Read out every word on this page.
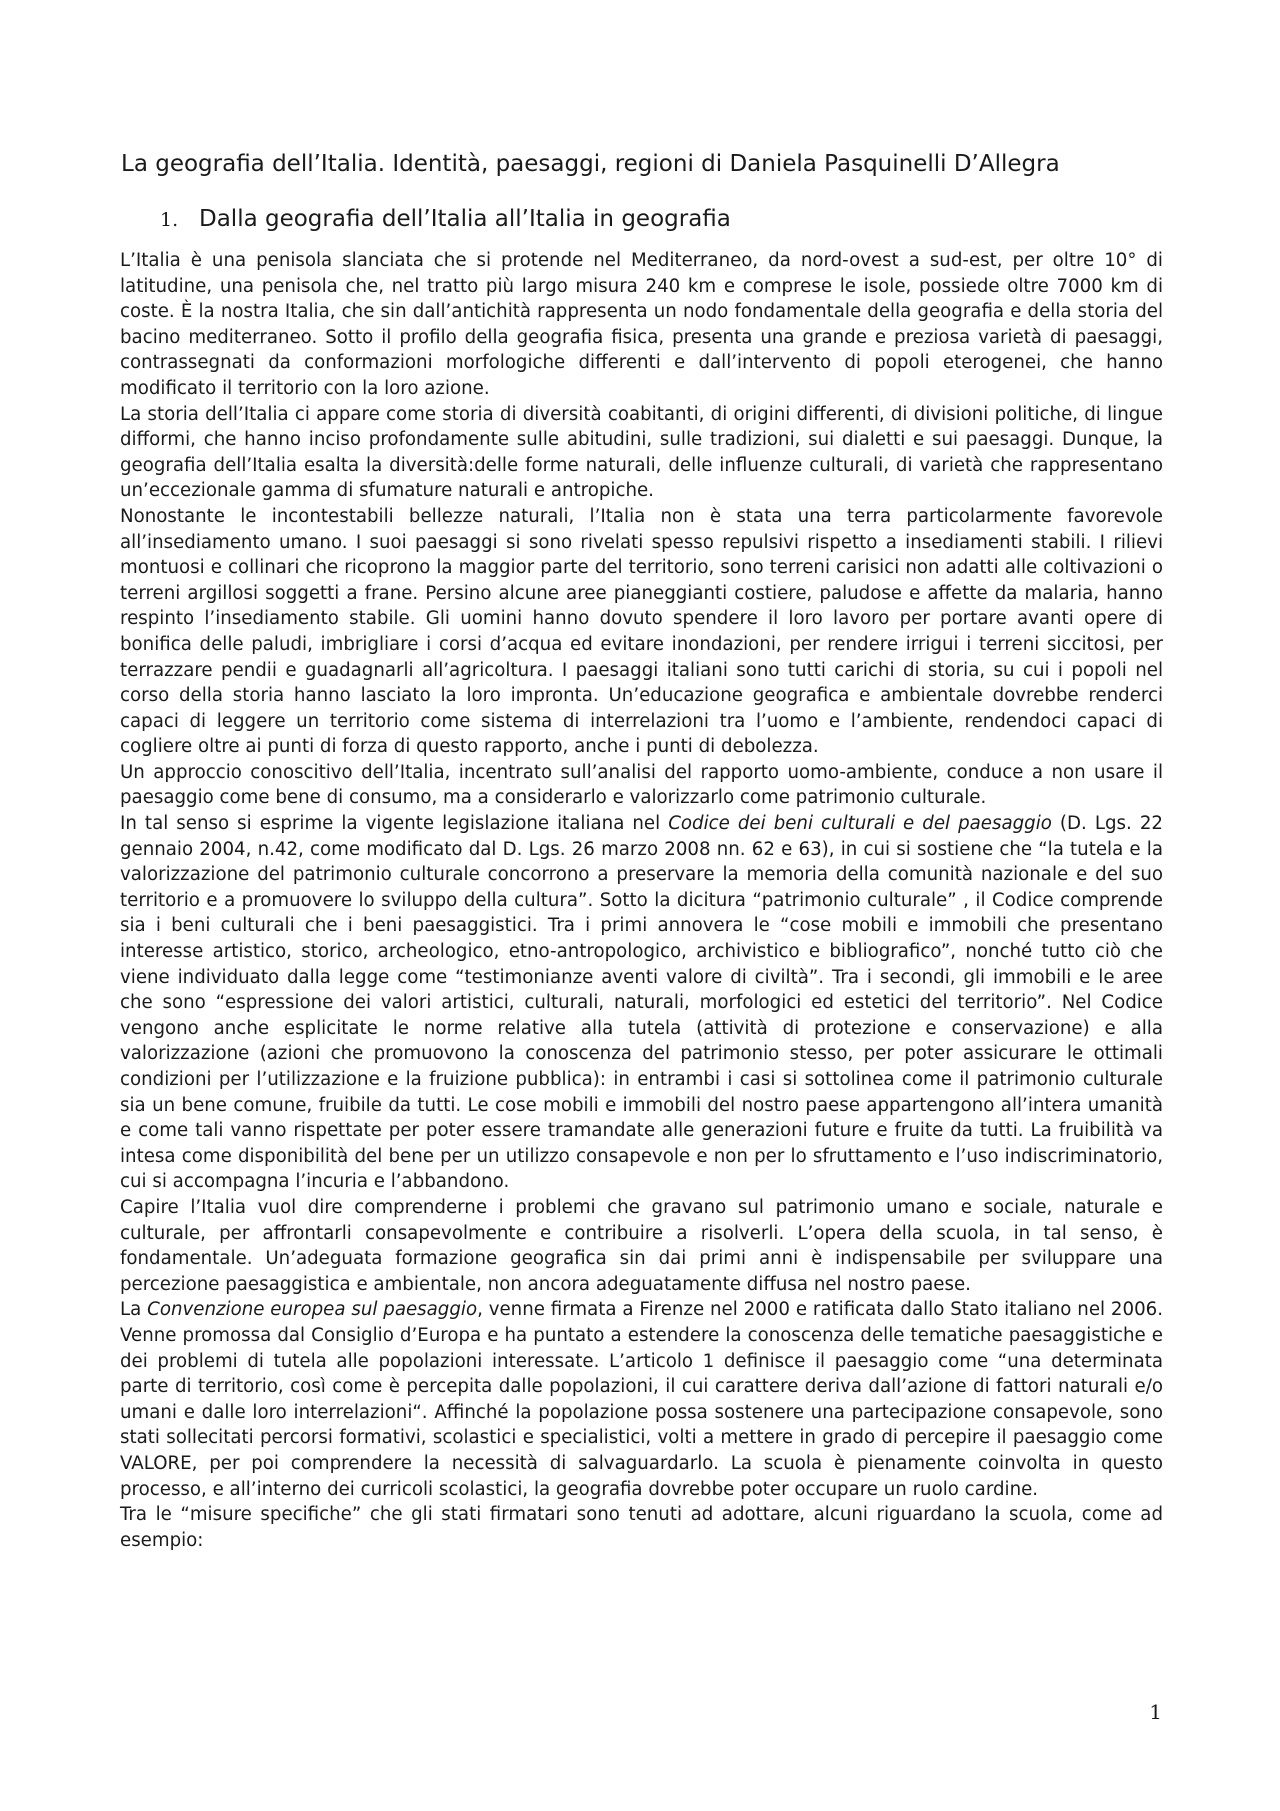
La geografia dell’Italia. Identità, paesaggi, regioni di Daniela Pasquinelli D’Allegra
1. Dalla geografia dell’Italia all’Italia in geografia

L’Italia è una penisola slanciata che si protende nel Mediterraneo, da nord-ovest a sud-est, per oltre 10° di latitudine, una penisola che, nel tratto più largo misura 240 km e comprese le isole, possiede oltre 7000 km di coste. È la nostra Italia, che sin dall’antichità rappresenta un nodo fondamentale della geografia e della storia del bacino mediterraneo. Sotto il profilo della geografia fisica, presenta una grande e preziosa varietà di paesaggi, contrassegnati da conformazioni morfologiche differenti e dall’intervento di popoli eterogenei, che hanno modificato il territorio con la loro azione.

La storia dell’Italia ci appare come storia di diversità coabitanti, di origini differenti, di divisioni politiche, di lingue difformi, che hanno inciso profondamente sulle abitudini, sulle tradizioni, sui dialetti e sui paesaggi. Dunque, la geografia dell’Italia esalta la diversità:delle forme naturali, delle influenze culturali, di varietà che rappresentano un’eccezionale gamma di sfumature naturali e antropiche.

Nonostante le incontestabili bellezze naturali, l’Italia non è stata una terra particolarmente favorevole all’insediamento umano. I suoi paesaggi si sono rivelati spesso repulsivi rispetto a insediamenti stabili. I rilievi montuosi e collinari che ricoprono la maggior parte del territorio, sono terreni carisici non adatti alle coltivazioni o terreni argillosi soggetti a frane. Persino alcune aree pianeggianti costiere, paludose e affette da malaria, hanno respinto l’insediamento stabile. Gli uomini hanno dovuto spendere il loro lavoro per portare avanti opere di bonifica delle paludi, imbrigliare i corsi d’acqua ed evitare inondazioni, per rendere irrigui i terreni siccitosi, per terrazzare pendii e guadagnarli all’agricoltura. I paesaggi italiani sono tutti carichi di storia, su cui i popoli nel corso della storia hanno lasciato la loro impronta. Un’educazione geografica e ambientale dovrebbe renderci capaci di leggere un territorio come sistema di interrelazioni tra l’uomo e l’ambiente, rendendoci capaci di cogliere oltre ai punti di forza di questo rapporto, anche i punti di debolezza.

Un approccio conoscitivo dell’Italia, incentrato sull’analisi del rapporto uomo-ambiente, conduce a non usare il paesaggio come bene di consumo, ma a considerarlo e valorizzarlo come patrimonio culturale.

In tal senso si esprime la vigente legislazione italiana nel Codice dei beni culturali e del paesaggio (D. Lgs. 22 gennaio 2004, n.42, come modificato dal D. Lgs. 26 marzo 2008 nn. 62 e 63), in cui si sostiene che “la tutela e la valorizzazione del patrimonio culturale concorrono a preservare la memoria della comunità nazionale e del suo territorio e a promuovere lo sviluppo della cultura”. Sotto la dicitura “patrimonio culturale” , il Codice comprende sia i beni culturali che i beni paesaggistici. Tra i primi annovera le “cose mobili e immobili che presentano interesse artistico, storico, archeologico, etno-antropologico, archivistico e bibliografico”, nonché tutto ciò che viene individuato dalla legge come “testimonianze aventi valore di civiltà”. Tra i secondi, gli immobili e le aree che sono “espressione dei valori artistici, culturali, naturali, morfologici ed estetici del territorio”. Nel Codice vengono anche esplicitate le norme relative alla tutela (attività di protezione e conservazione) e alla valorizzazione (azioni che promuovono la conoscenza del patrimonio stesso, per poter assicurare le ottimali condizioni per l’utilizzazione e la fruizione pubblica): in entrambi i casi si sottolinea come il patrimonio culturale sia un bene comune, fruibile da tutti. Le cose mobili e immobili del nostro paese appartengono all’intera umanità e come tali vanno rispettate per poter essere tramandate alle generazioni future e fruite da tutti. La fruibilità va intesa come disponibilità del bene per un utilizzo consapevole e non per lo sfruttamento e l’uso indiscriminatorio, cui si accompagna l’incuria e l’abbandono.

Capire l’Italia vuol dire comprenderne i problemi che gravano sul patrimonio umano e sociale, naturale e culturale, per affrontarli consapevolmente e contribuire a risolverli. L’opera della scuola, in tal senso, è fondamentale. Un’adeguata formazione geografica sin dai primi anni è indispensabile per sviluppare una percezione paesaggistica e ambientale, non ancora adeguatamente diffusa nel nostro paese.

La Convenzione europea sul paesaggio, venne firmata a Firenze nel 2000 e ratificata dallo Stato italiano nel 2006. Venne promossa dal Consiglio d’Europa e ha puntato a estendere la conoscenza delle tematiche paesaggistiche e dei problemi di tutela alle popolazioni interessate. L’articolo 1 definisce il paesaggio come “una determinata parte di territorio, così come è percepita dalle popolazioni, il cui carattere deriva dall’azione di fattori naturali e/o umani e dalle loro interrelazioni“. Affinché la popolazione possa sostenere una partecipazione consapevole, sono stati sollecitati percorsi formativi, scolastici e specialistici, volti a mettere in grado di percepire il paesaggio come VALORE, per poi comprendere la necessità di salvaguardarlo. La scuola è pienamente coinvolta in questo processo, e all’interno dei curricoli scolastici, la geografia dovrebbe poter occupare un ruolo cardine.

Tra le “misure specifiche” che gli stati firmatari sono tenuti ad adottare, alcuni riguardano la scuola, come ad esempio:

1
